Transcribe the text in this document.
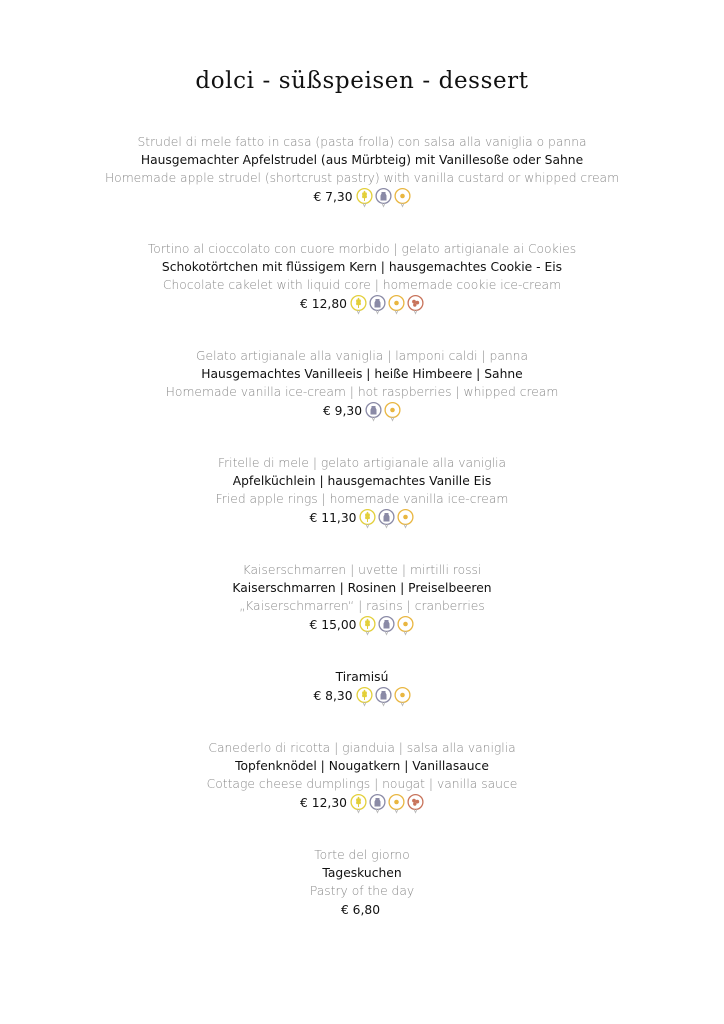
dolci - süßspeisen - dessert
Strudel di mele fatto in casa (pasta frolla) con salsa alla vaniglia o panna
Hausgemachter Apfelstrudel (aus Mürbteig) mit Vanillesoße oder Sahne
Homemade apple strudel (shortcrust pastry) with vanilla custard or whipped cream
€ 7,30
Tortino al cioccolato con cuore morbido | gelato artigianale ai Cookies
Schokotörtchen mit flüssigem Kern | hausgemachtes Cookie - Eis
Chocolate cakelet with liquid core | homemade cookie ice-cream
€ 12,80
Gelato artigianale alla vaniglia | lamponi caldi | panna
Hausgemachtes Vanilleeis | heiße Himbeere | Sahne
Homemade vanilla ice-cream | hot raspberries | whipped cream
€ 9,30
Fritelle di mele | gelato artigianale alla vaniglia
Apfelküchlein | hausgemachtes Vanille Eis
Fried apple rings | homemade vanilla ice-cream
€ 11,30
Kaiserschmarren | uvette | mirtilli rossi
Kaiserschmarren | Rosinen | Preiselbeeren
„Kaiserschmarren“ | rasins | cranberries
€ 15,00
Tiramisú
€ 8,30
Canederlo di ricotta | gianduia | salsa alla vaniglia
Topfenknödel | Nougatkern | Vanillasauce
Cottage cheese dumplings | nougat | vanilla sauce
€ 12,30
Torte del giorno
Tageskuchen
Pastry of the day
€ 6,80
